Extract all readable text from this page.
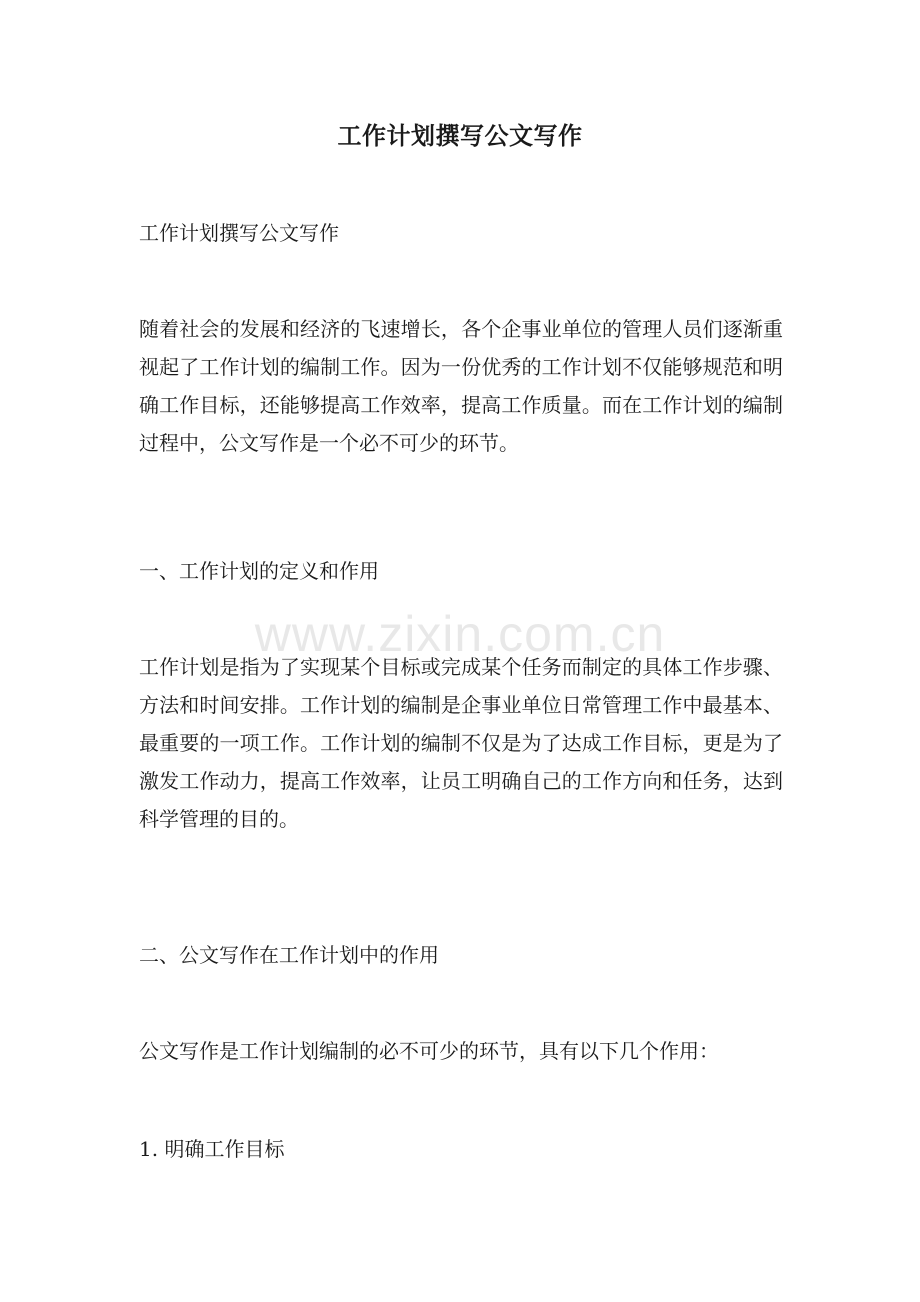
工作计划撰写公文写作

工作计划撰写公文写作

随着社会的发展和经济的飞速增长，各个企事业单位的管理人员们逐渐重视起了工作计划的编制工作。因为一份优秀的工作计划不仅能够规范和明确工作目标，还能够提高工作效率，提高工作质量。而在工作计划的编制过程中，公文写作是一个必不可少的环节。

一、工作计划的定义和作用

www.zixin.com.cn

工作计划是指为了实现某个目标或完成某个任务而制定的具体工作步骤、方法和时间安排。工作计划的编制是企事业单位日常管理工作中最基本、最重要的一项工作。工作计划的编制不仅是为了达成工作目标，更是为了激发工作动力，提高工作效率，让员工明确自己的工作方向和任务，达到科学管理的目的。

二、公文写作在工作计划中的作用

公文写作是工作计划编制的必不可少的环节，具有以下几个作用：

1. 明确工作目标
